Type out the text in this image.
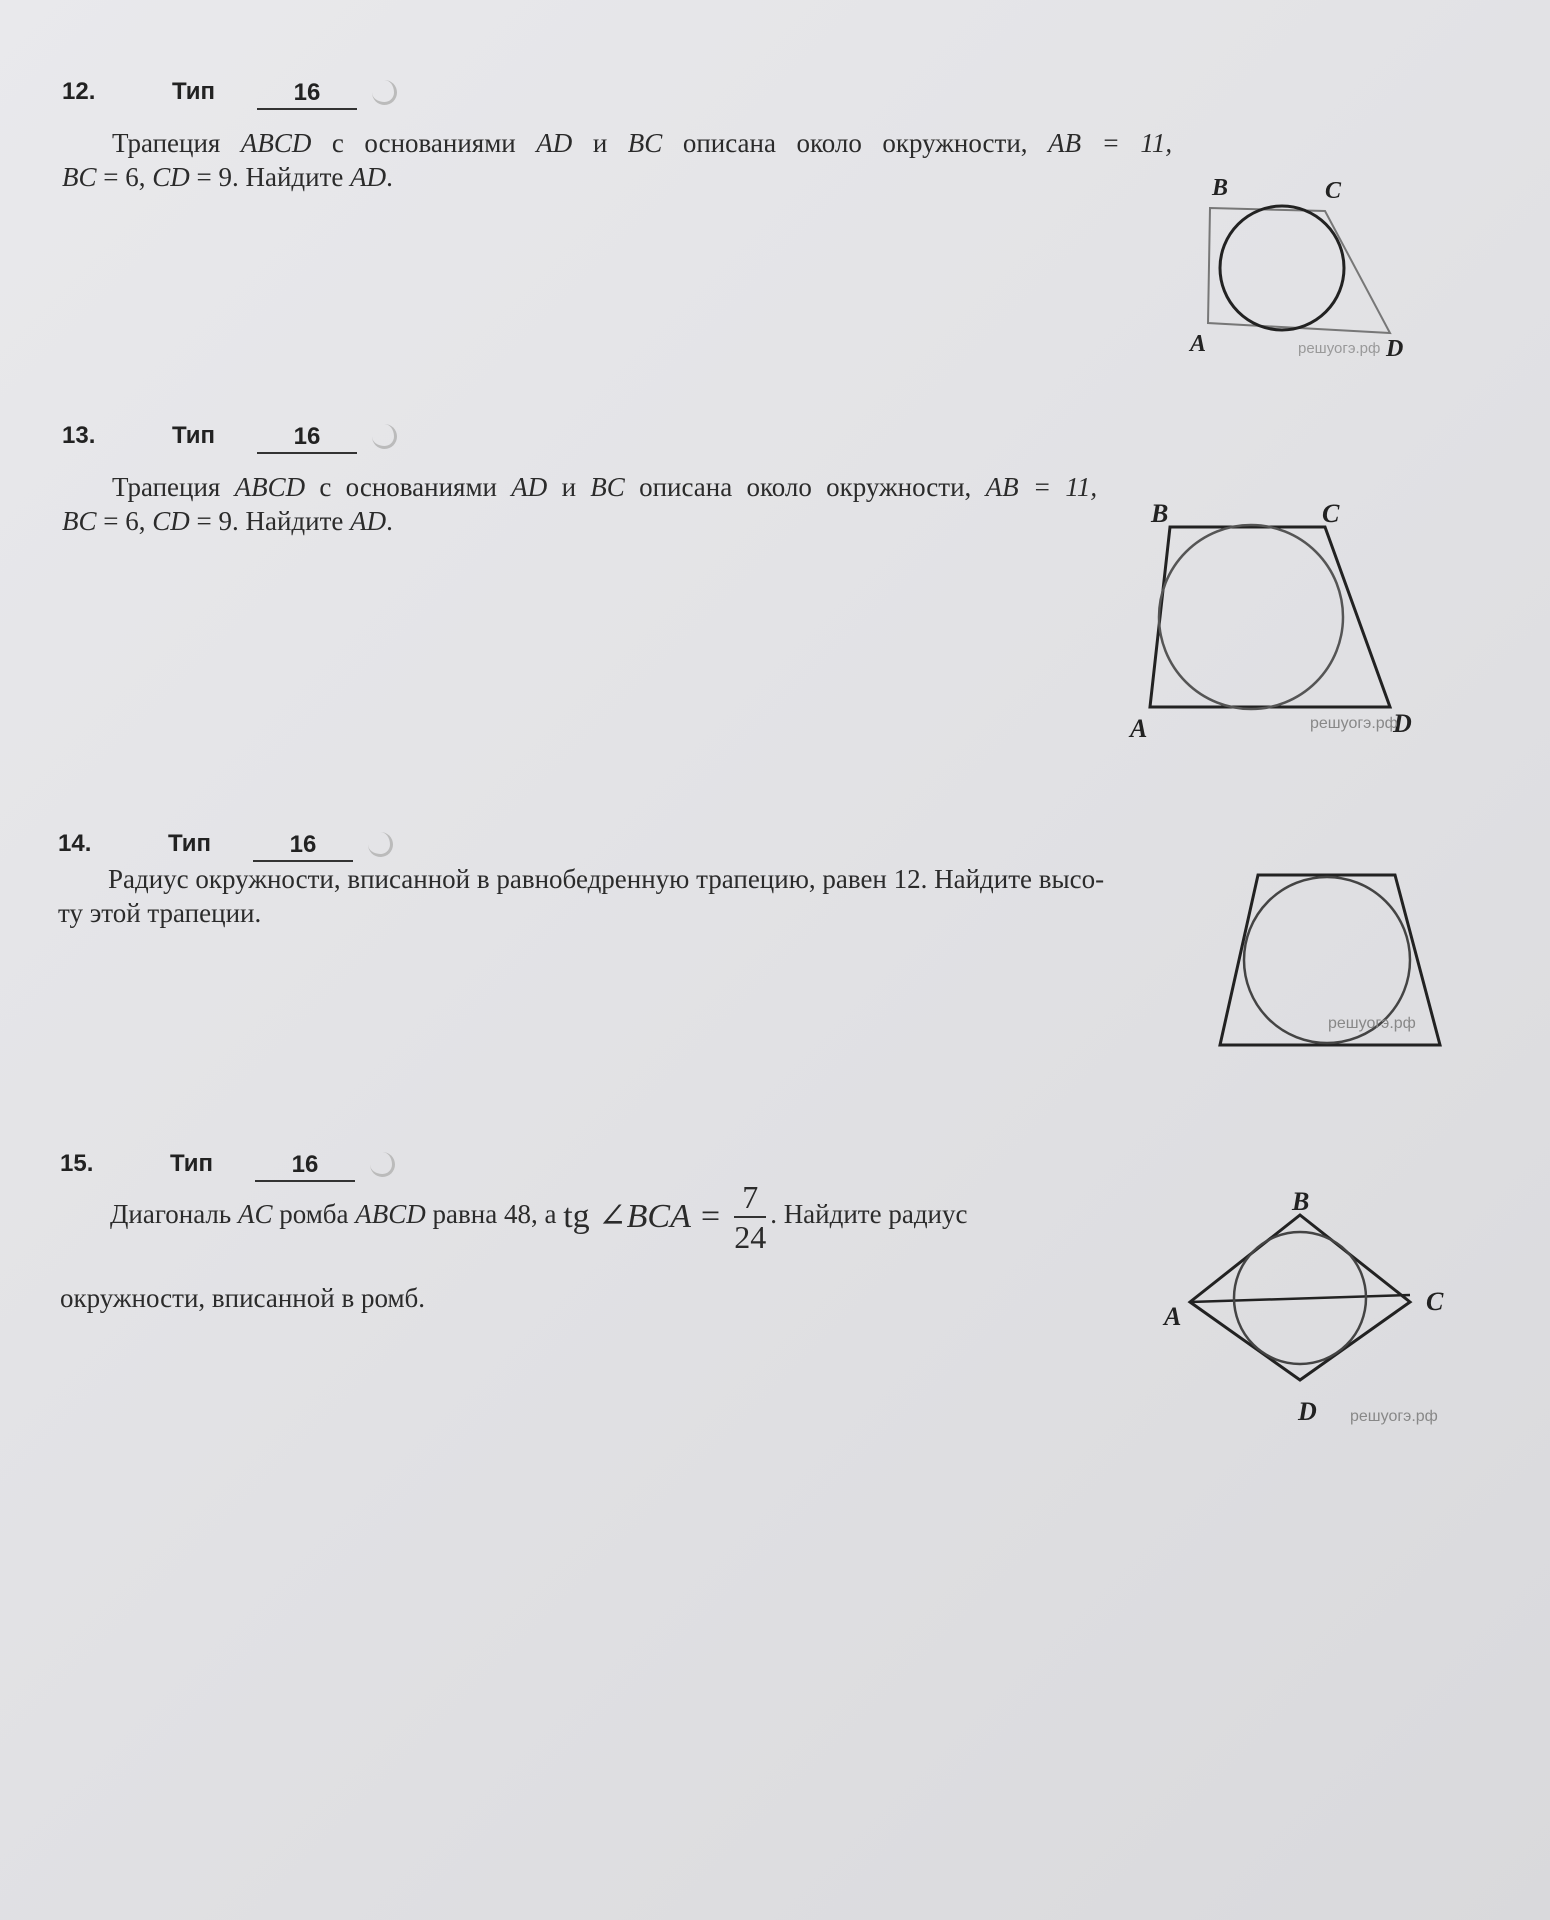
12.	Тип	16
Трапеция ABCD с основаниями AD и BC описана около окружности, AB = 11,
BC = 6, CD = 9. Найдите AD.	B	C
A	D
решуогэ.рф
13.	Тип	16
Трапеция ABCD с основаниями AD и BC описана около окружности, AB = 11,
BC = 6, CD = 9. Найдите AD.	B	C
A	D
решуогэ.рф
14.	Тип	16
Радиус окружности, вписанной в равнобедренную трапецию, равен 12. Найдите высо-
ту этой трапеции.
решуогэ.рф
15.	Тип	16
Диагональ AC ромба ABCD равна 48, а tg ∠BCA = $\frac{7}{24}$ . Найдите радиус
окружности, вписанной в ромб.
B
A
C
D решуогэ.рф
